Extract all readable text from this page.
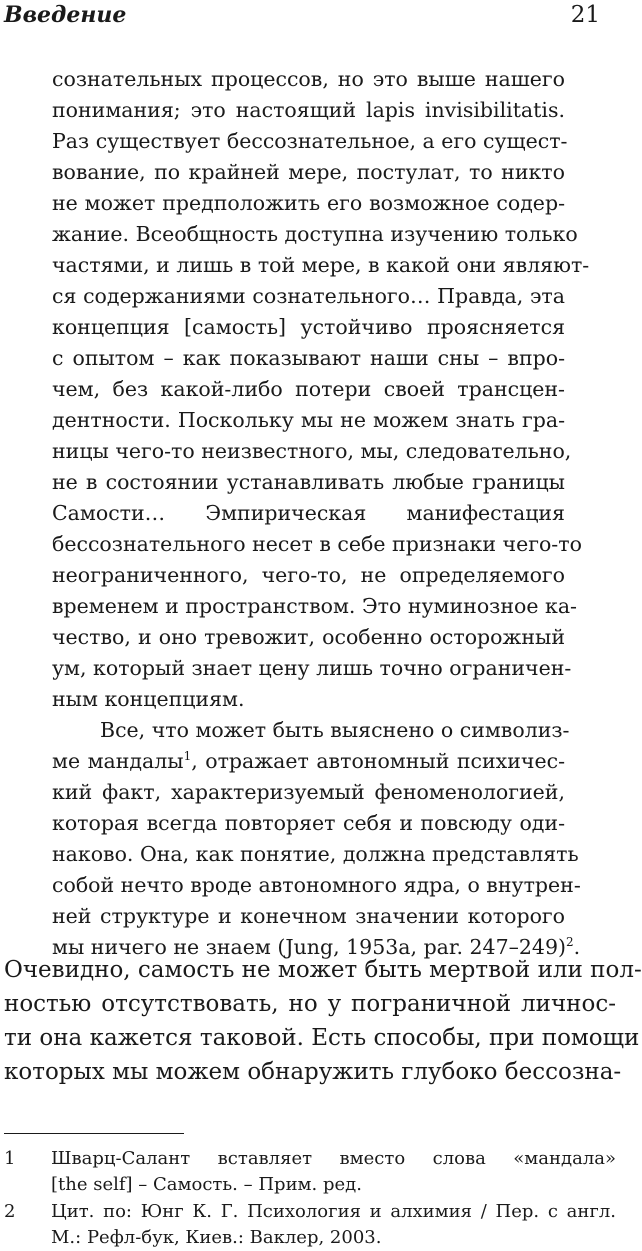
Введение	21
сознательных процессов, но это выше нашего
понимания; это настоящий lapis invisibilitatis.
Раз существует бессознательное, а его сущест-
вование, по крайней мере, постулат, то никто
не может предположить его возможное содер-
жание. Всеобщность доступна изучению только
частями, и лишь в той мере, в какой они являют-
ся содержаниями сознательного… Правда, эта
концепция [самость] устойчиво проясняется
с опытом – как показывают наши сны – впро-
чем, без какой-либо потери своей трансцен-
дентности. Поскольку мы не можем знать гра-
ницы чего-то неизвестного, мы, следовательно,
не в состоянии устанавливать любые границы
Самости… Эмпирическая манифестация
бессознательного несет в себе признаки чего-то
неограниченного, чего-то, не определяемого
временем и пространством. Это нуминозное ка-
чество, и оно тревожит, особенно осторожный
ум, который знает цену лишь точно ограничен-
ным концепциям.
Все, что может быть выяснено о символиз-
ме мандалы$^1$, отражает автономный психичес-
кий факт, характеризуемый феноменологией,
которая всегда повторяет себя и повсюду оди-
наково. Она, как понятие, должна представлять
собой нечто вроде автономного ядра, о внутрен-
ней структуре и конечном значении которого
мы ничего не знаем (Jung, 1953a, par. 247–249)$^2$.
Очевидно, самость не может быть мертвой или пол-
ностью отсутствовать, но у пограничной личнос-
ти она кажется таковой. Есть способы, при помощи
которых мы можем обнаружить глубоко бессозна-
1 Шварц-Салант вставляет вместо слова «мандала»
[the self] – Самость. – Прим. ред.
2 Цит. по: Юнг К. Г. Психология и алхимия / Пер. с англ.
М.: Рефл-бук, Киев.: Ваклер, 2003.
